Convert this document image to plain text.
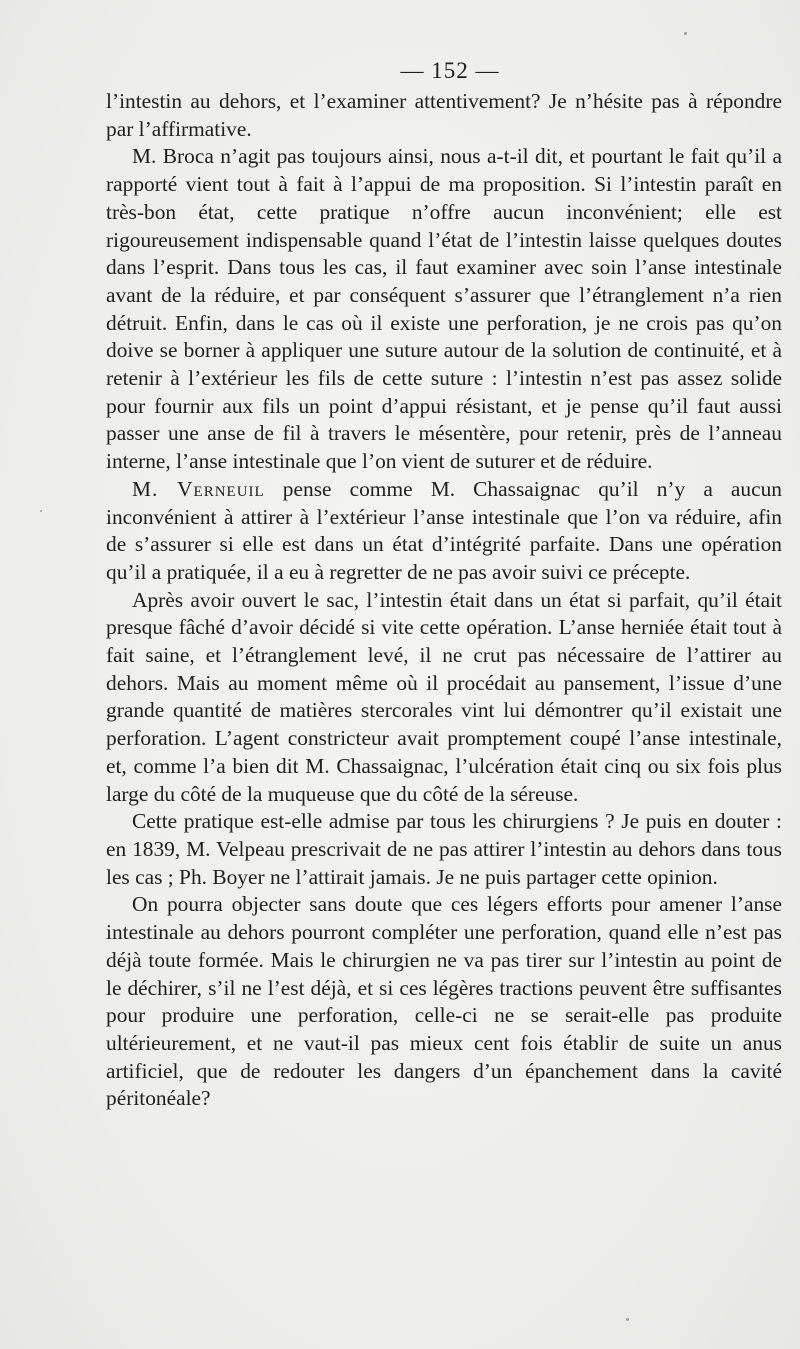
— 152 —

l’intestin au dehors, et l’examiner attentivement? Je n’hésite pas à répondre par l’affirmative.

M. Broca n’agit pas toujours ainsi, nous a-t-il dit, et pourtant le fait qu’il a rapporté vient tout à fait à l’appui de ma proposition. Si l’intestin paraît en très-bon état, cette pratique n’offre aucun inconvénient; elle est rigoureusement indispensable quand l’état de l’intestin laisse quelques doutes dans l’esprit. Dans tous les cas, il faut examiner avec soin l’anse intestinale avant de la réduire, et par conséquent s’assurer que l’étranglement n’a rien détruit. Enfin, dans le cas où il existe une perforation, je ne crois pas qu’on doive se borner à appliquer une suture autour de la solution de continuité, et à retenir à l’extérieur les fils de cette suture : l’intestin n’est pas assez solide pour fournir aux fils un point d’appui résistant, et je pense qu’il faut aussi passer une anse de fil à travers le mésentère, pour retenir, près de l’anneau interne, l’anse intestinale que l’on vient de suturer et de réduire.

M. Verneuil pense comme M. Chassaignac qu’il n’y a aucun inconvénient à attirer à l’extérieur l’anse intestinale que l’on va réduire, afin de s’assurer si elle est dans un état d’intégrité parfaite. Dans une opération qu’il a pratiquée, il a eu à regretter de ne pas avoir suivi ce précepte.

Après avoir ouvert le sac, l’intestin était dans un état si parfait, qu’il était presque fâché d’avoir décidé si vite cette opération. L’anse herniée était tout à fait saine, et l’étranglement levé, il ne crut pas nécessaire de l’attirer au dehors. Mais au moment même où il procédait au pansement, l’issue d’une grande quantité de matières stercorales vint lui démontrer qu’il existait une perforation. L’agent constricteur avait promptement coupé l’anse intestinale, et, comme l’a bien dit M. Chassaignac, l’ulcération était cinq ou six fois plus large du côté de la muqueuse que du côté de la séreuse.

Cette pratique est-elle admise par tous les chirurgiens ? Je puis en douter : en 1839, M. Velpeau prescrivait de ne pas attirer l’intestin au dehors dans tous les cas ; Ph. Boyer ne l’attirait jamais. Je ne puis partager cette opinion.

On pourra objecter sans doute que ces légers efforts pour amener l’anse intestinale au dehors pourront compléter une perforation, quand elle n’est pas déjà toute formée. Mais le chirurgien ne va pas tirer sur l’intestin au point de le déchirer, s’il ne l’est déjà, et si ces légères tractions peuvent être suffisantes pour produire une perforation, celle-ci ne se serait-elle pas produite ultérieurement, et ne vaut-il pas mieux cent fois établir de suite un anus artificiel, que de redouter les dangers d’un épanchement dans la cavité péritonéale?
